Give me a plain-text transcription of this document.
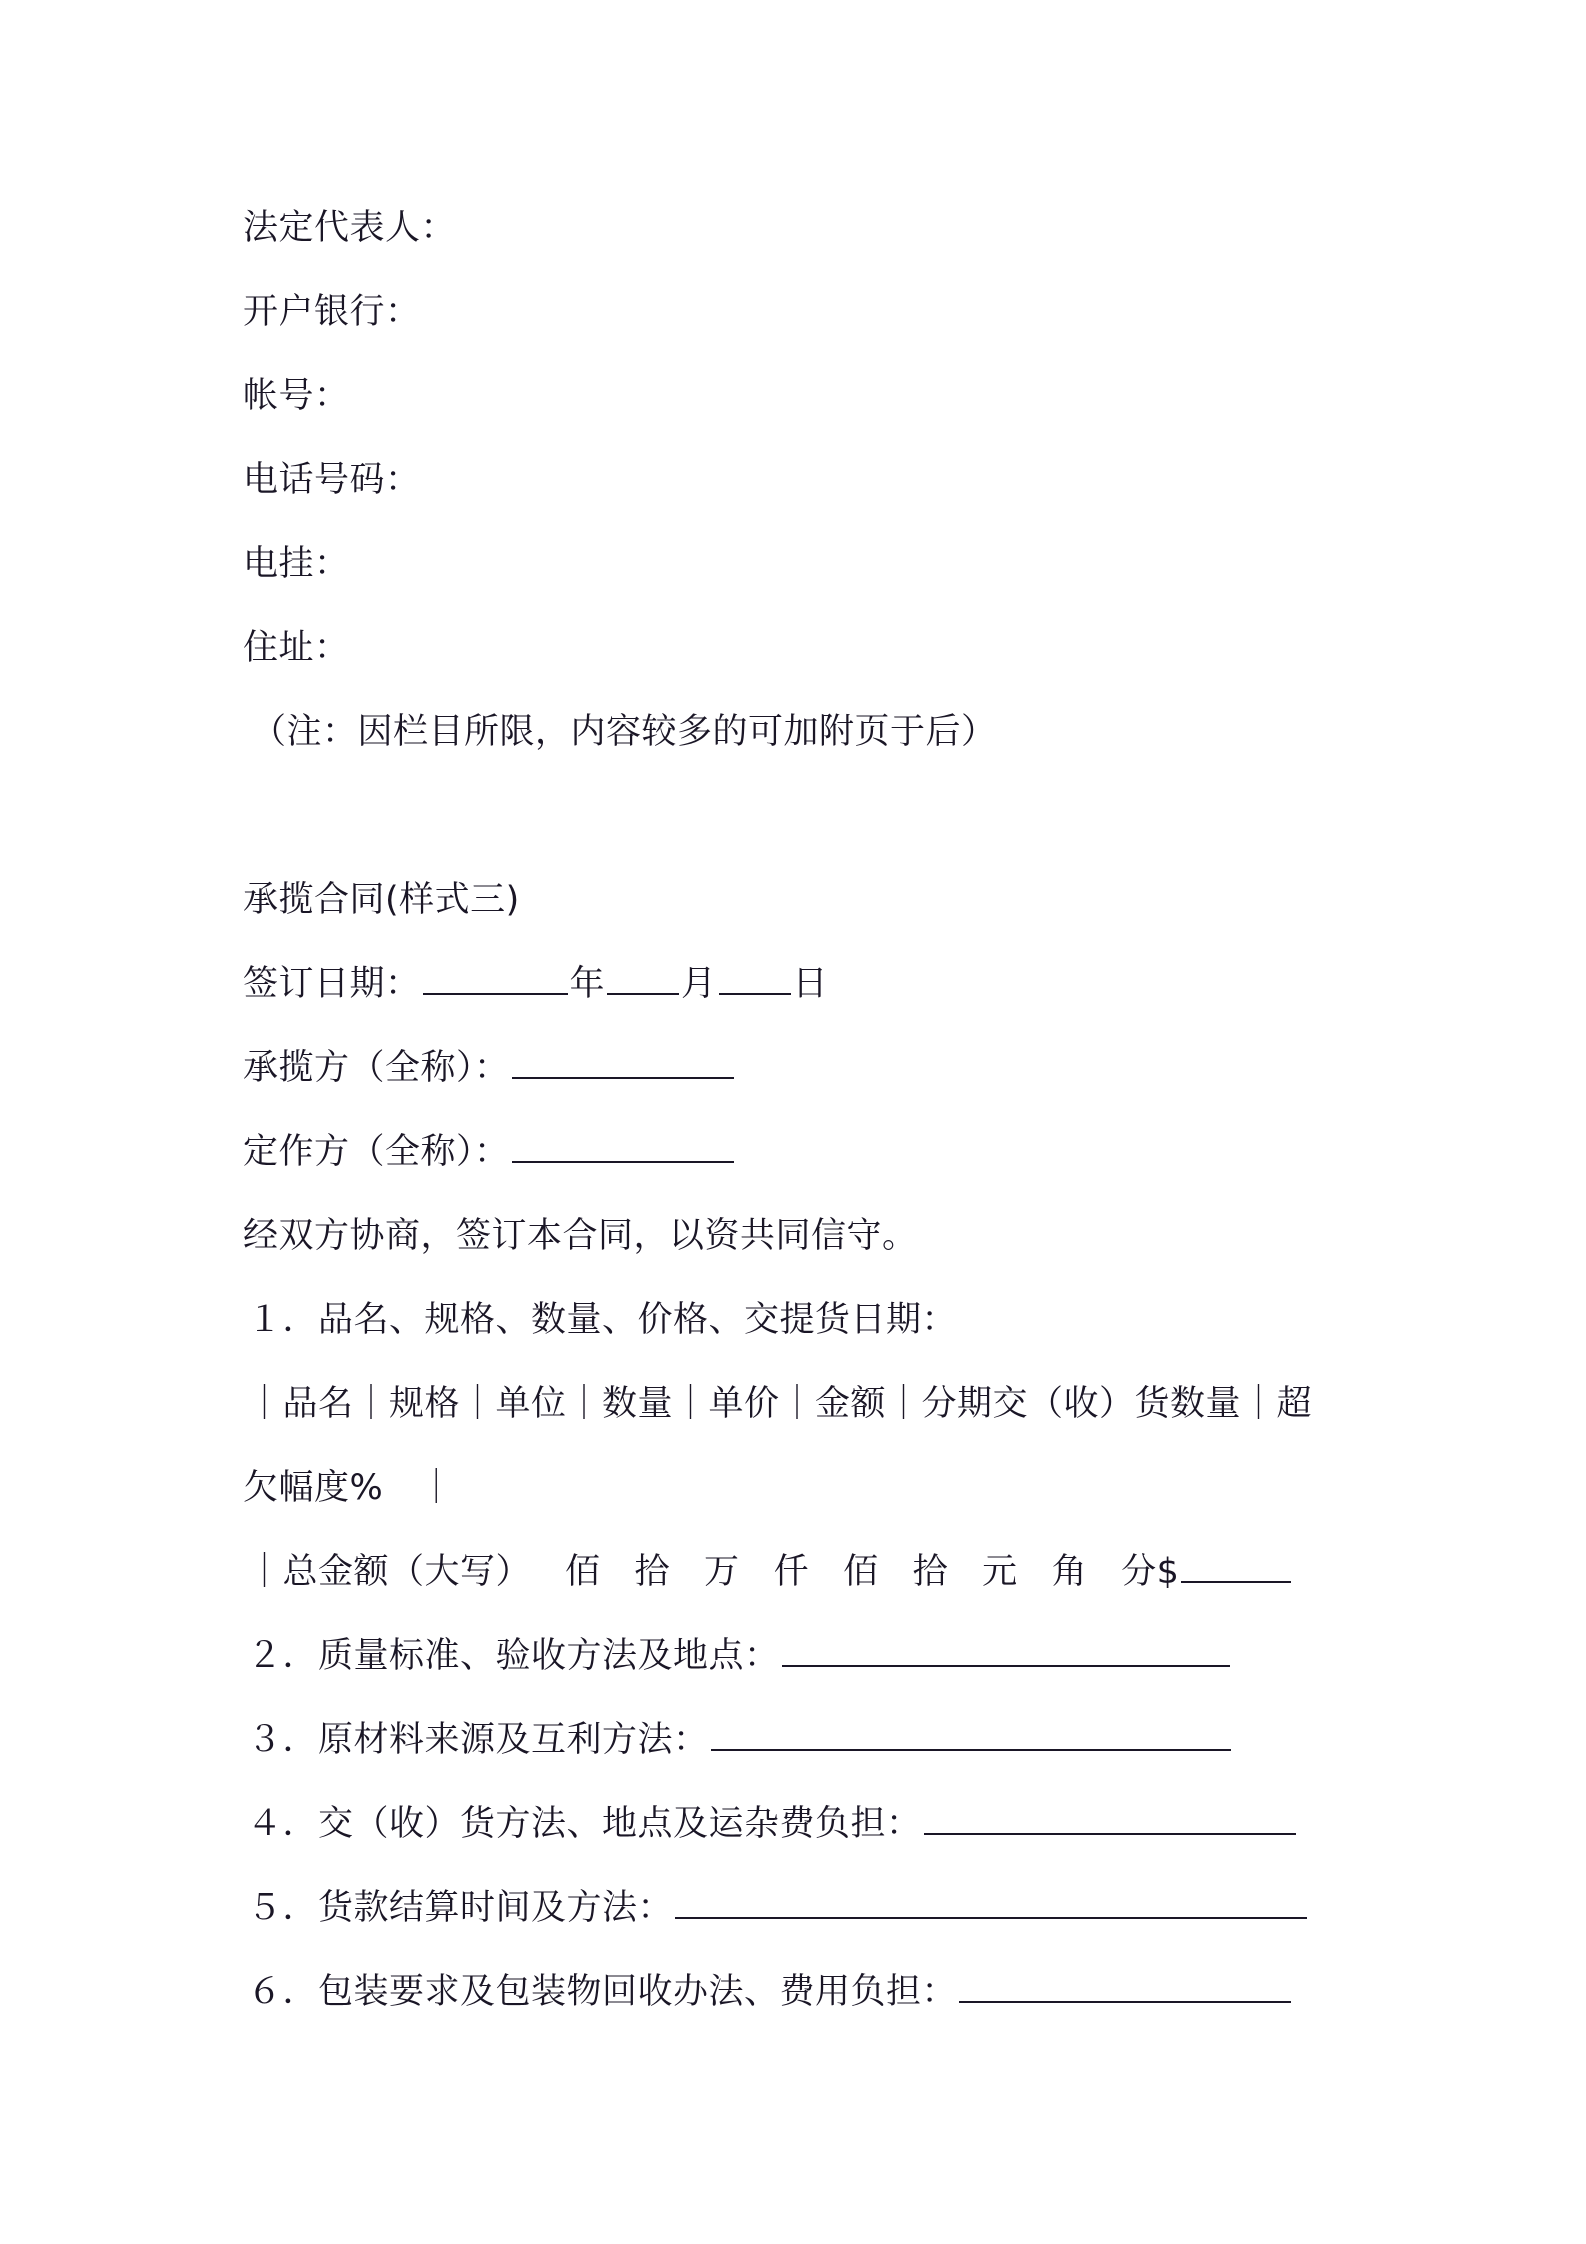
法定代表人：
开户银行：
帐号：
电话号码：
电挂：
住址：
（注：因栏目所限，内容较多的可加附页于后）
承揽合同(样式三)
签订日期：	年 月 日
承揽方（全称）：
定作方（全称）：
经双方协商，签订本合同，以资共同信守。
１．品名、规格、数量、价格、交提货日期：
｜品名｜规格｜单位｜数量｜单价｜金额｜分期交（收）货数量｜超
欠幅度%　｜
｜总金额（大写） 佰 拾 万 仟 佰 拾 元 角 分$
２．质量标准、验收方法及地点：
３．原材料来源及互利方法：
４．交（收）货方法、地点及运杂费负担：
５．货款结算时间及方法：
６．包装要求及包装物回收办法、费用负担：
